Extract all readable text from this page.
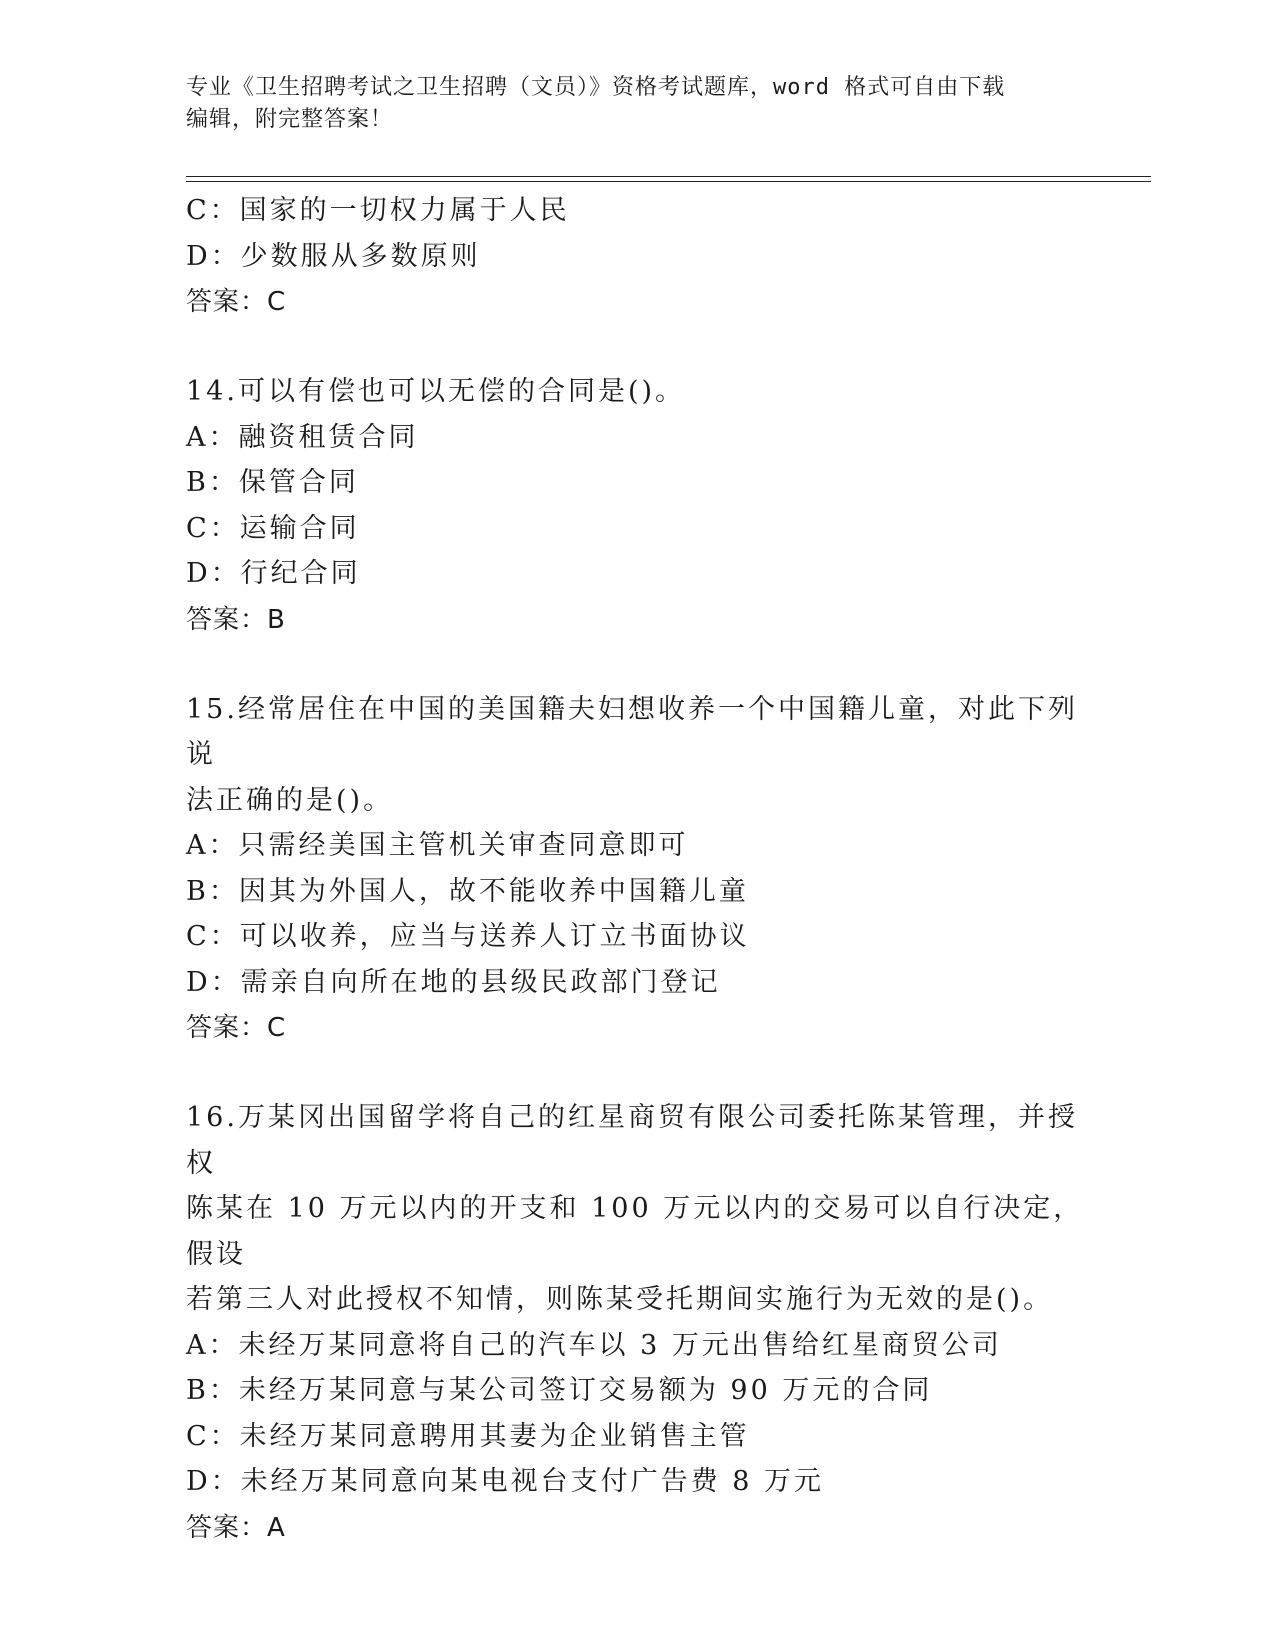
专业《卫生招聘考试之卫生招聘（文员）》资格考试题库，word 格式可自由下载
编辑，附完整答案！
C：国家的一切权力属于人民
D：少数服从多数原则
答案：C
14.可以有偿也可以无偿的合同是()。
A：融资租赁合同
B：保管合同
C：运输合同
D：行纪合同
答案：B
15.经常居住在中国的美国籍夫妇想收养一个中国籍儿童，对此下列说
法正确的是()。
A：只需经美国主管机关审查同意即可
B：因其为外国人，故不能收养中国籍儿童
C：可以收养，应当与送养人订立书面协议
D：需亲自向所在地的县级民政部门登记
答案：C
16.万某冈出国留学将自己的红星商贸有限公司委托陈某管理，并授权
陈某在 10 万元以内的开支和 100 万元以内的交易可以自行决定，假设
若第三人对此授权不知情，则陈某受托期间实施行为无效的是()。
A：未经万某同意将自己的汽车以 3 万元出售给红星商贸公司
B：未经万某同意与某公司签订交易额为 90 万元的合同
C：未经万某同意聘用其妻为企业销售主管
D：未经万某同意向某电视台支付广告费 8 万元
答案：A
